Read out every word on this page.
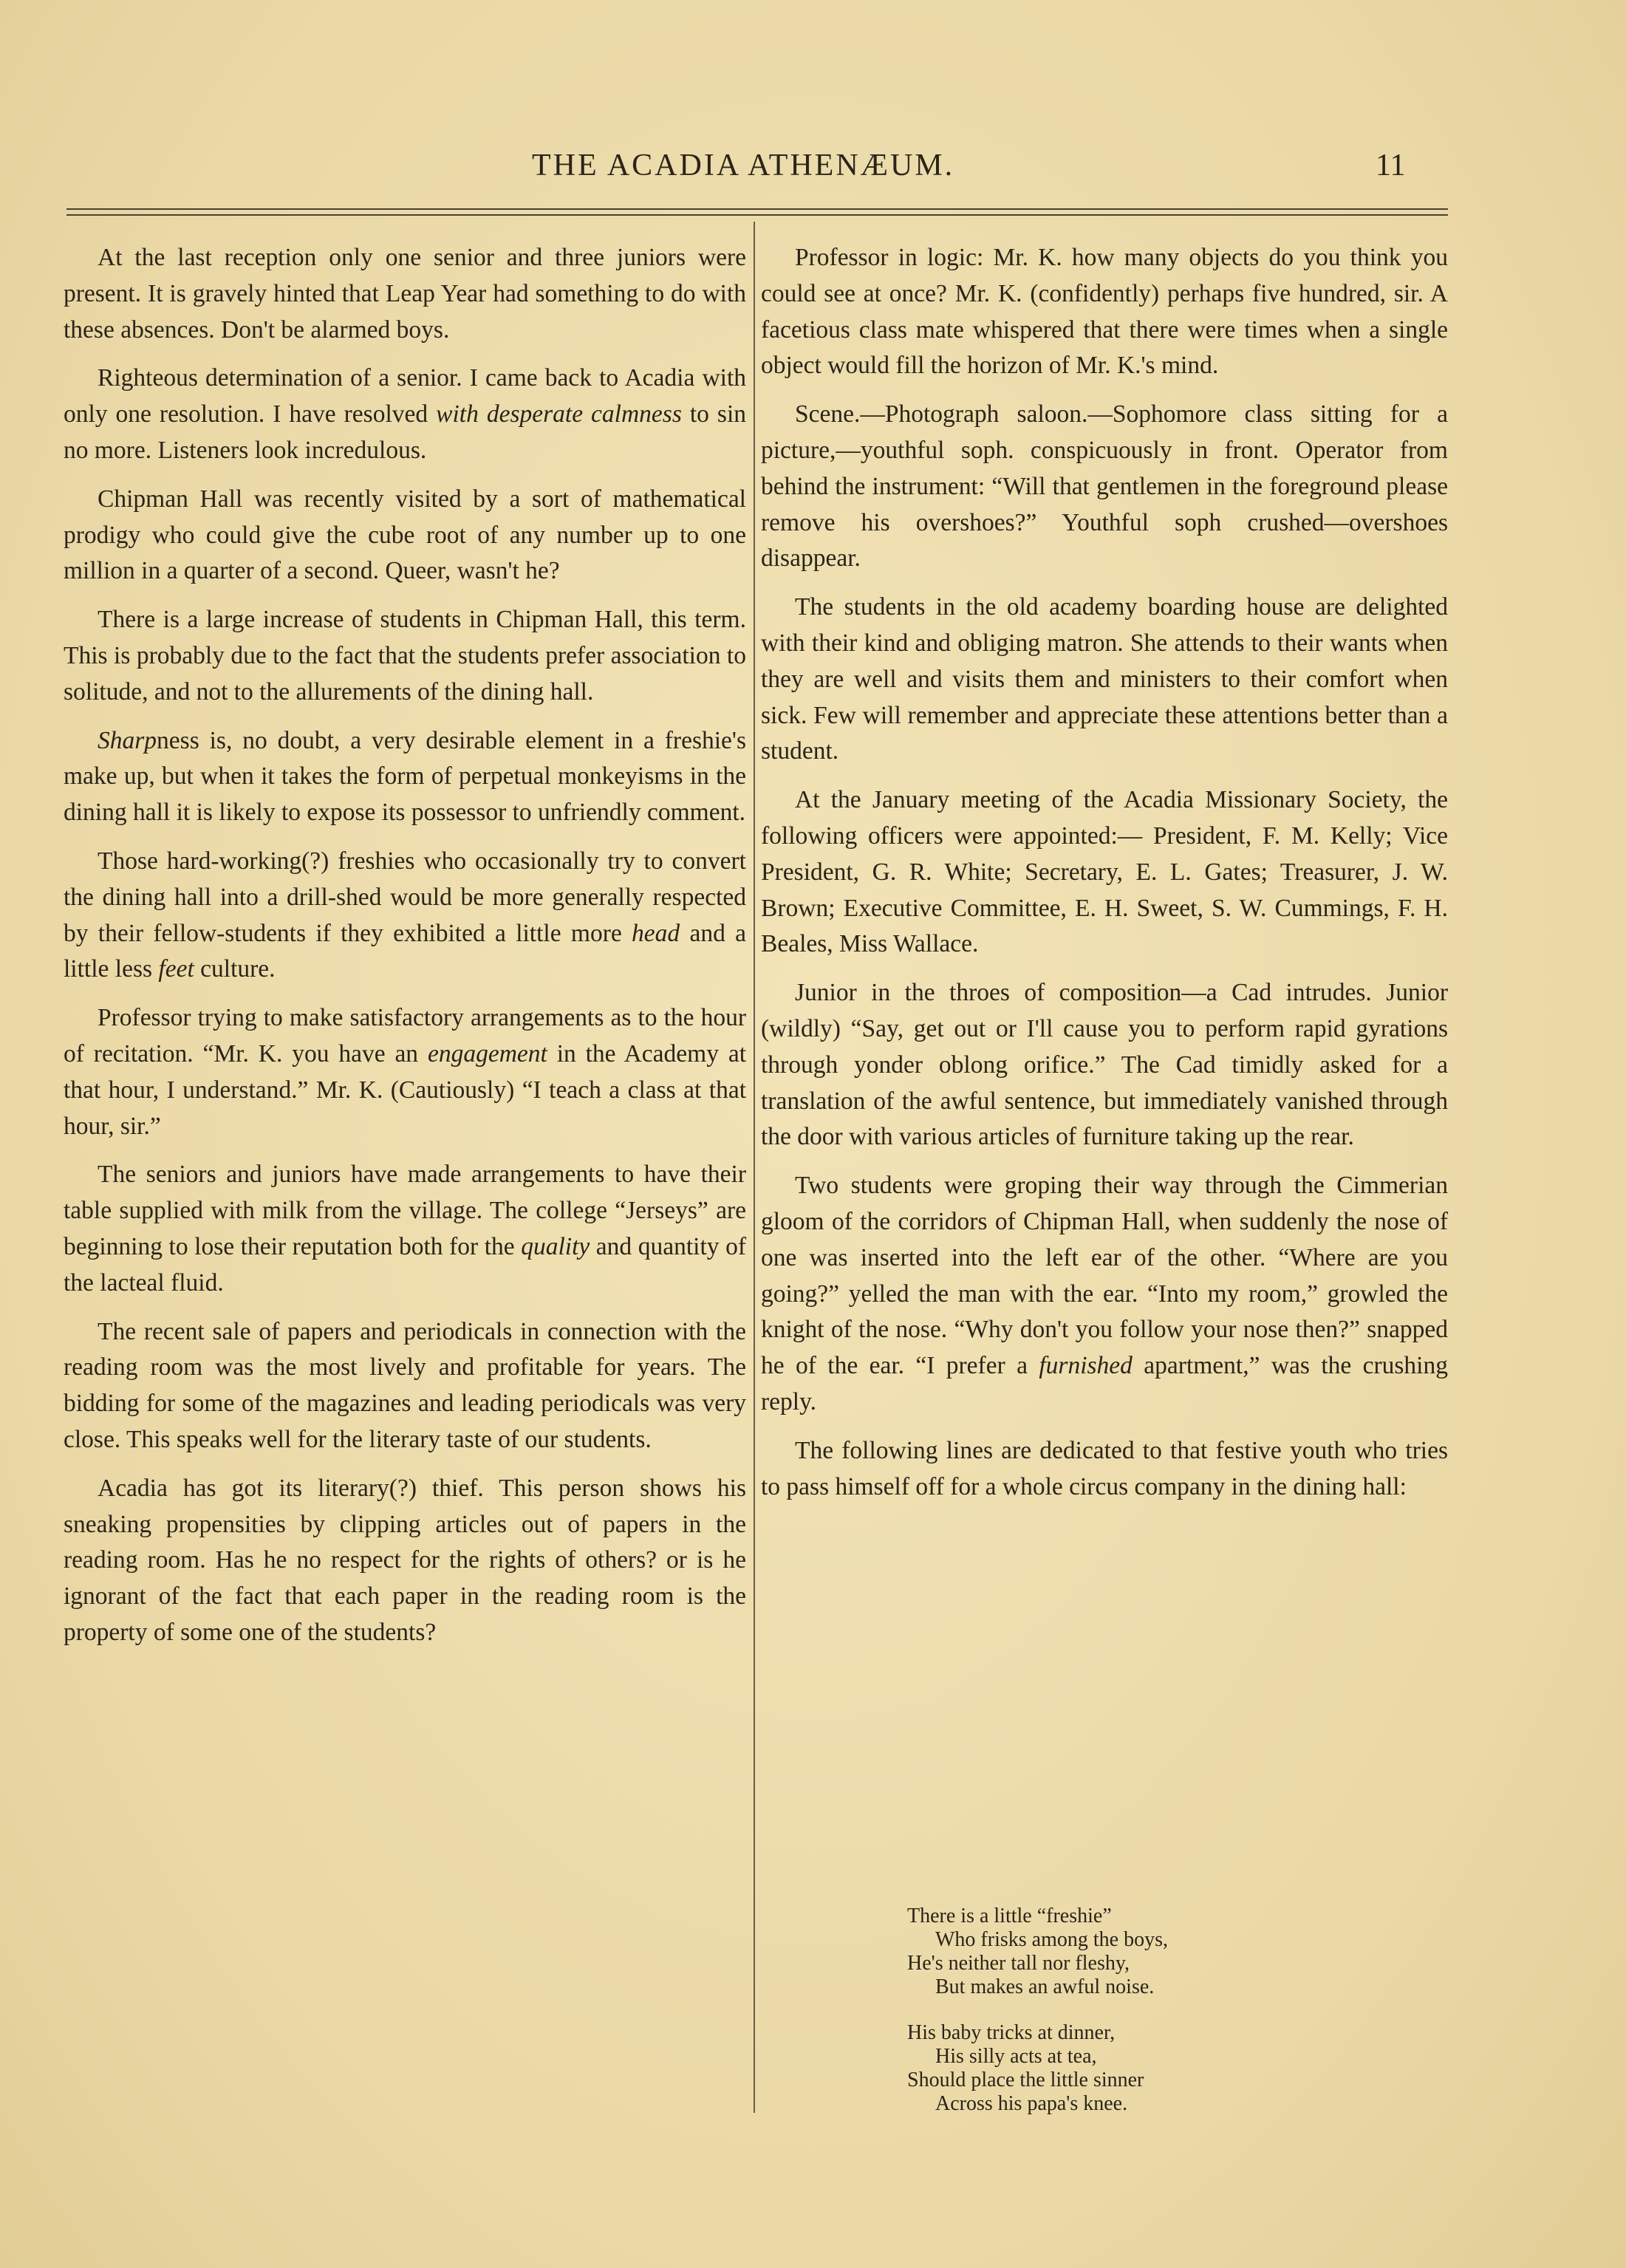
THE ACADIA ATHENÆUM.	11

At the last reception only one senior and three juniors were present. It is gravely hinted that Leap Year had something to do with these absences. Don't be alarmed boys.

Righteous determination of a senior. I came back to Acadia with only one resolution. I have resolved with desperate calmness to sin no more. Listeners look incredulous.

Chipman Hall was recently visited by a sort of mathematical prodigy who could give the cube root of any number up to one million in a quarter of a second. Queer, wasn't he?

There is a large increase of students in Chipman Hall, this term. This is probably due to the fact that the students prefer association to solitude, and not to the allurements of the dining hall.

Sharpness is, no doubt, a very desirable element in a freshie's make up, but when it takes the form of perpetual monkeyisms in the dining hall it is likely to expose its possessor to unfriendly comment.

Those hard-working(?) freshies who occasionally try to convert the dining hall into a drill-shed would be more generally respected by their fellow-students if they exhibited a little more head and a little less feet culture.

Professor trying to make satisfactory arrangements as to the hour of recitation. “Mr. K. you have an engagement in the Academy at that hour, I understand.” Mr. K. (Cautiously) “I teach a class at that hour, sir.”

The seniors and juniors have made arrangements to have their table supplied with milk from the village. The college “Jerseys” are beginning to lose their reputation both for the quality and quantity of the lacteal fluid.

The recent sale of papers and periodicals in connection with the reading room was the most lively and profitable for years. The bidding for some of the magazines and leading periodicals was very close. This speaks well for the literary taste of our students.

Acadia has got its literary(?) thief. This person shows his sneaking propensities by clipping articles out of papers in the reading room. Has he no respect for the rights of others? or is he ignorant of the fact that each paper in the reading room is the property of some one of the students?

Professor in logic: Mr. K. how many objects do you think you could see at once? Mr. K. (confidently) perhaps five hundred, sir. A facetious class mate whispered that there were times when a single object would fill the horizon of Mr. K.'s mind.

Scene.—Photograph saloon.—Sophomore class sitting for a picture,—youthful soph. conspicuously in front. Operator from behind the instrument: “Will that gentlemen in the foreground please remove his overshoes?” Youthful soph crushed—overshoes disappear.

The students in the old academy boarding house are delighted with their kind and obliging matron. She attends to their wants when they are well and visits them and ministers to their comfort when sick. Few will remember and appreciate these attentions better than a student.

At the January meeting of the Acadia Missionary Society, the following officers were appointed:— President, F. M. Kelly; Vice President, G. R. White; Secretary, E. L. Gates; Treasurer, J. W. Brown; Executive Committee, E. H. Sweet, S. W. Cummings, F. H. Beales, Miss Wallace.

Junior in the throes of composition—a Cad intrudes. Junior (wildly) “Say, get out or I'll cause you to perform rapid gyrations through yonder oblong orifice.” The Cad timidly asked for a translation of the awful sentence, but immediately vanished through the door with various articles of furniture taking up the rear.

Two students were groping their way through the Cimmerian gloom of the corridors of Chipman Hall, when suddenly the nose of one was inserted into the left ear of the other. “Where are you going?” yelled the man with the ear. “Into my room,” growled the knight of the nose. “Why don't you follow your nose then?” snapped he of the ear. “I prefer a furnished apartment,” was the crushing reply.

The following lines are dedicated to that festive youth who tries to pass himself off for a whole circus company in the dining hall:

There is a little “freshie”
Who frisks among the boys,
He's neither tall nor fleshy,
But makes an awful noise.
His baby tricks at dinner,
His silly acts at tea,
Should place the little sinner
Across his papa's knee.
